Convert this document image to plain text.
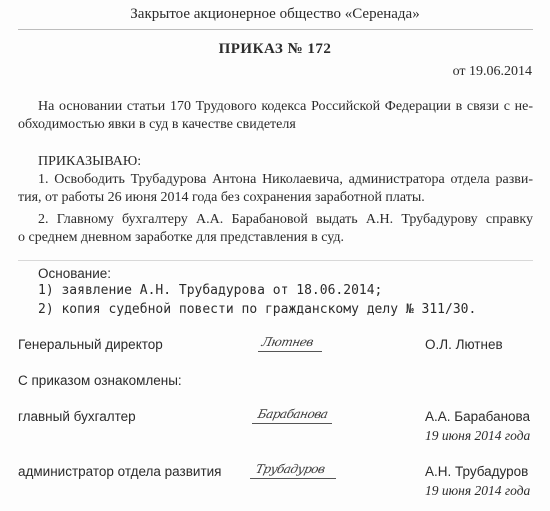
Закрытое акционерное общество «Серенада»
ПРИКАЗ № 172
от 19.06.2014
На основании статьи 170 Трудового кодекса Российской Федерации в связи с не-
обходимостью явки в суд в качестве свидетеля
ПРИКАЗЫВАЮ:
1. Освободить Трубадурова Антона Николаевича, администратора отдела разви-
тия, от работы 26 июня 2014 года без сохранения заработной платы.
2. Главному бухгалтеру А.А. Барабановой выдать А.Н. Трубадурову справку
о среднем дневном заработке для представления в суд.
Основание:
1) заявление А.Н. Трубадурова от 18.06.2014;
2) копия судебной повести по гражданскому делу № 311/30.
Генеральный директор	Лютнев	О.Л. Лютнев
С приказом ознакомлены:
главный бухгалтер	Барабанова	А.А. Барабанова
19 июня 2014 года
администратор отдела развития	Трубадуров	А.Н. Трубадуров
19 июня 2014 года
